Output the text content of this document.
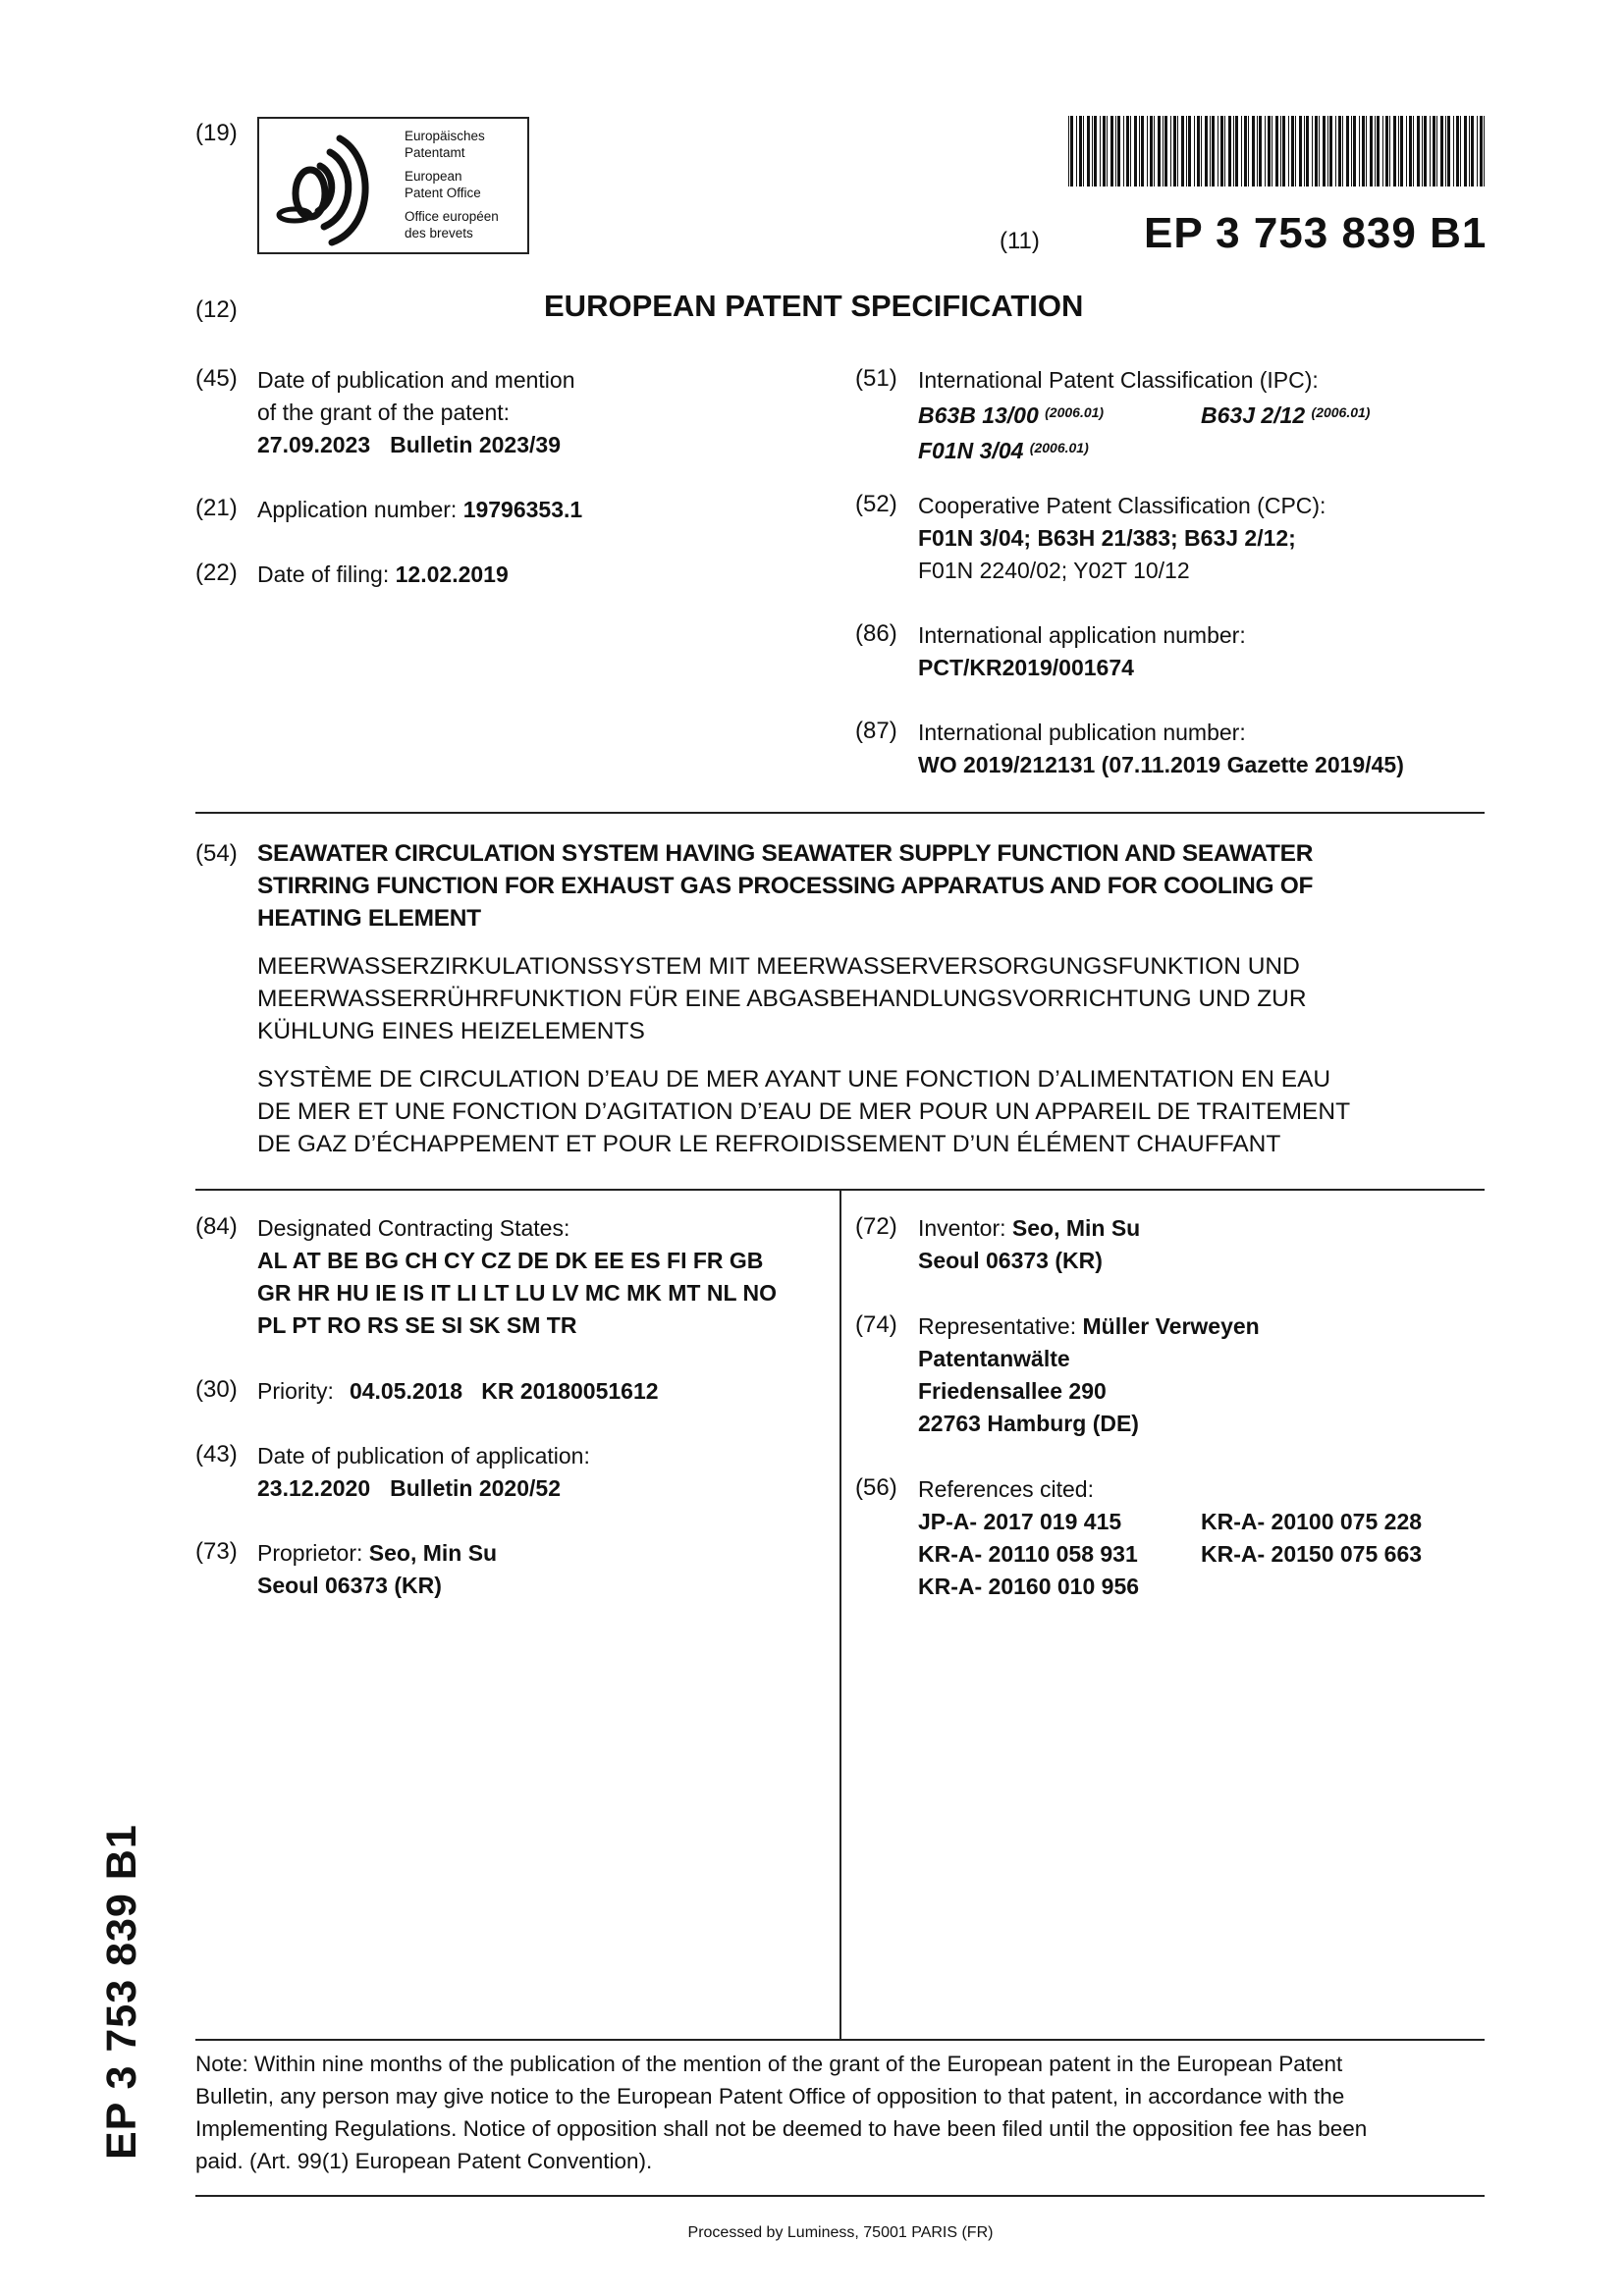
(19)	Europäisches
Patentamt
European
Patent Office
Office européen
des brevets	(11) EP 3 753 839 B1
(12)	EUROPEAN PATENT SPECIFICATION
(45) Date of publication and mention
of the grant of the patent:
27.09.2023 Bulletin 2023/39
(21) Application number: 19796353.1
(22) Date of filing: 12.02.2019
(51) International Patent Classification (IPC):
B63B 13/00 $^{(2006.01)}$	B63J 2/12 $^{(2006.01)}$
F01N 3/04 $^{(2006.01)}$
(52) Cooperative Patent Classification (CPC):
F01N 3/04; B63H 21/383; B63J 2/12;
F01N 2240/02; Y02T 10/12
(86) International application number:
PCT/KR2019/001674
(87) International publication number:
WO 2019/212131 (07.11.2019 Gazette 2019/45)
(54) SEAWATER CIRCULATION SYSTEM HAVING SEAWATER SUPPLY FUNCTION AND SEAWATER
STIRRING FUNCTION FOR EXHAUST GAS PROCESSING APPARATUS AND FOR COOLING OF
HEATING ELEMENT
MEERWASSERZIRKULATIONSSYSTEM MIT MEERWASSERVERSORGUNGSFUNKTION UND
MEERWASSERRÜHRFUNKTION FÜR EINE ABGASBEHANDLUNGSVORRICHTUNG UND ZUR
KÜHLUNG EINES HEIZELEMENTS
SYSTÈME DE CIRCULATION D’EAU DE MER AYANT UNE FONCTION D’ALIMENTATION EN EAU
DE MER ET UNE FONCTION D’AGITATION D’EAU DE MER POUR UN APPAREIL DE TRAITEMENT
DE GAZ D’ÉCHAPPEMENT ET POUR LE REFROIDISSEMENT D’UN ÉLÉMENT CHAUFFANT
(84) Designated Contracting States:
AL AT BE BG CH CY CZ DE DK EE ES FI FR GB
GR HR HU IE IS IT LI LT LU LV MC MK MT NL NO
PL PT RO RS SE SI SK SM TR
(30) Priority: 04.05.2018   KR 20180051612
(43) Date of publication of application:
23.12.2020 Bulletin 2020/52
(73) Proprietor: Seo, Min Su
Seoul 06373 (KR)
(72) Inventor: Seo, Min Su
Seoul 06373 (KR)
(74) Representative: Müller Verweyen
Patentanwälte
Friedensallee 290
22763 Hamburg (DE)
(56) References cited:
JP-A- 2017 019 415	KR-A- 20100 075 228
KR-A- 20110 058 931	KR-A- 20150 075 663
KR-A- 20160 010 956
Note: Within nine months of the publication of the mention of the grant of the European patent in the European Patent
Bulletin, any person may give notice to the European Patent Office of opposition to that patent, in accordance with the
Implementing Regulations. Notice of opposition shall not be deemed to have been filed until the opposition fee has been
paid. (Art. 99(1) European Patent Convention).
Processed by Luminess, 75001 PARIS (FR)
EP 3 753 839 B1
